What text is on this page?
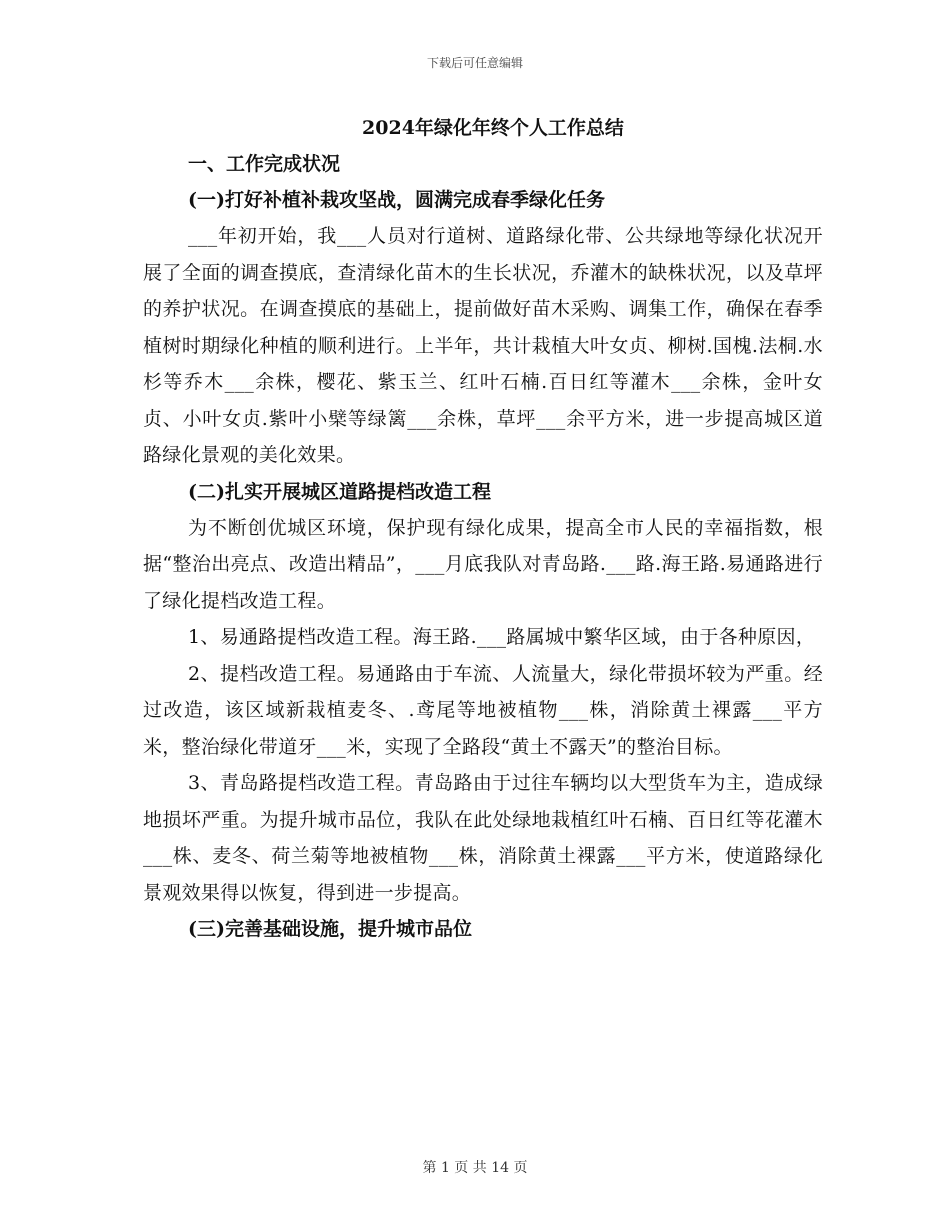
下载后可任意编辑
2024年绿化年终个人工作总结
一、工作完成状况
(一)打好补植补栽攻坚战，圆满完成春季绿化任务

___年初开始，我___人员对行道树、道路绿化带、公共绿地等绿化状况开展了全面的调查摸底，查清绿化苗木的生长状况，乔灌木的缺株状况，以及草坪的养护状况。在调查摸底的基础上，提前做好苗木采购、调集工作，确保在春季植树时期绿化种植的顺利进行。上半年，共计栽植大叶女贞、柳树.国槐.法桐.水杉等乔木___余株，樱花、紫玉兰、红叶石楠.百日红等灌木___余株，金叶女贞、小叶女贞.紫叶小檗等绿篱___余株，草坪___余平方米，进一步提高城区道路绿化景观的美化效果。

(二)扎实开展城区道路提档改造工程

为不断创优城区环境，保护现有绿化成果，提高全市人民的幸福指数，根据“整治出亮点、改造出精品”，___月底我队对青岛路.___路.海王路.易通路进行了绿化提档改造工程。

1、易通路提档改造工程。海王路.___路属城中繁华区域，由于各种原因，

2、提档改造工程。易通路由于车流、人流量大，绿化带损坏较为严重。经过改造，该区域新栽植麦冬、.鸢尾等地被植物___株，消除黄土裸露___平方米，整治绿化带道牙___米，实现了全路段“黄土不露天”的整治目标。

3、青岛路提档改造工程。青岛路由于过往车辆均以大型货车为主，造成绿地损坏严重。为提升城市品位，我队在此处绿地栽植红叶石楠、百日红等花灌木___株、麦冬、荷兰菊等地被植物___株，消除黄土裸露___平方米，使道路绿化景观效果得以恢复，得到进一步提高。

(三)完善基础设施，提升城市品位
第 1 页 共 14 页
